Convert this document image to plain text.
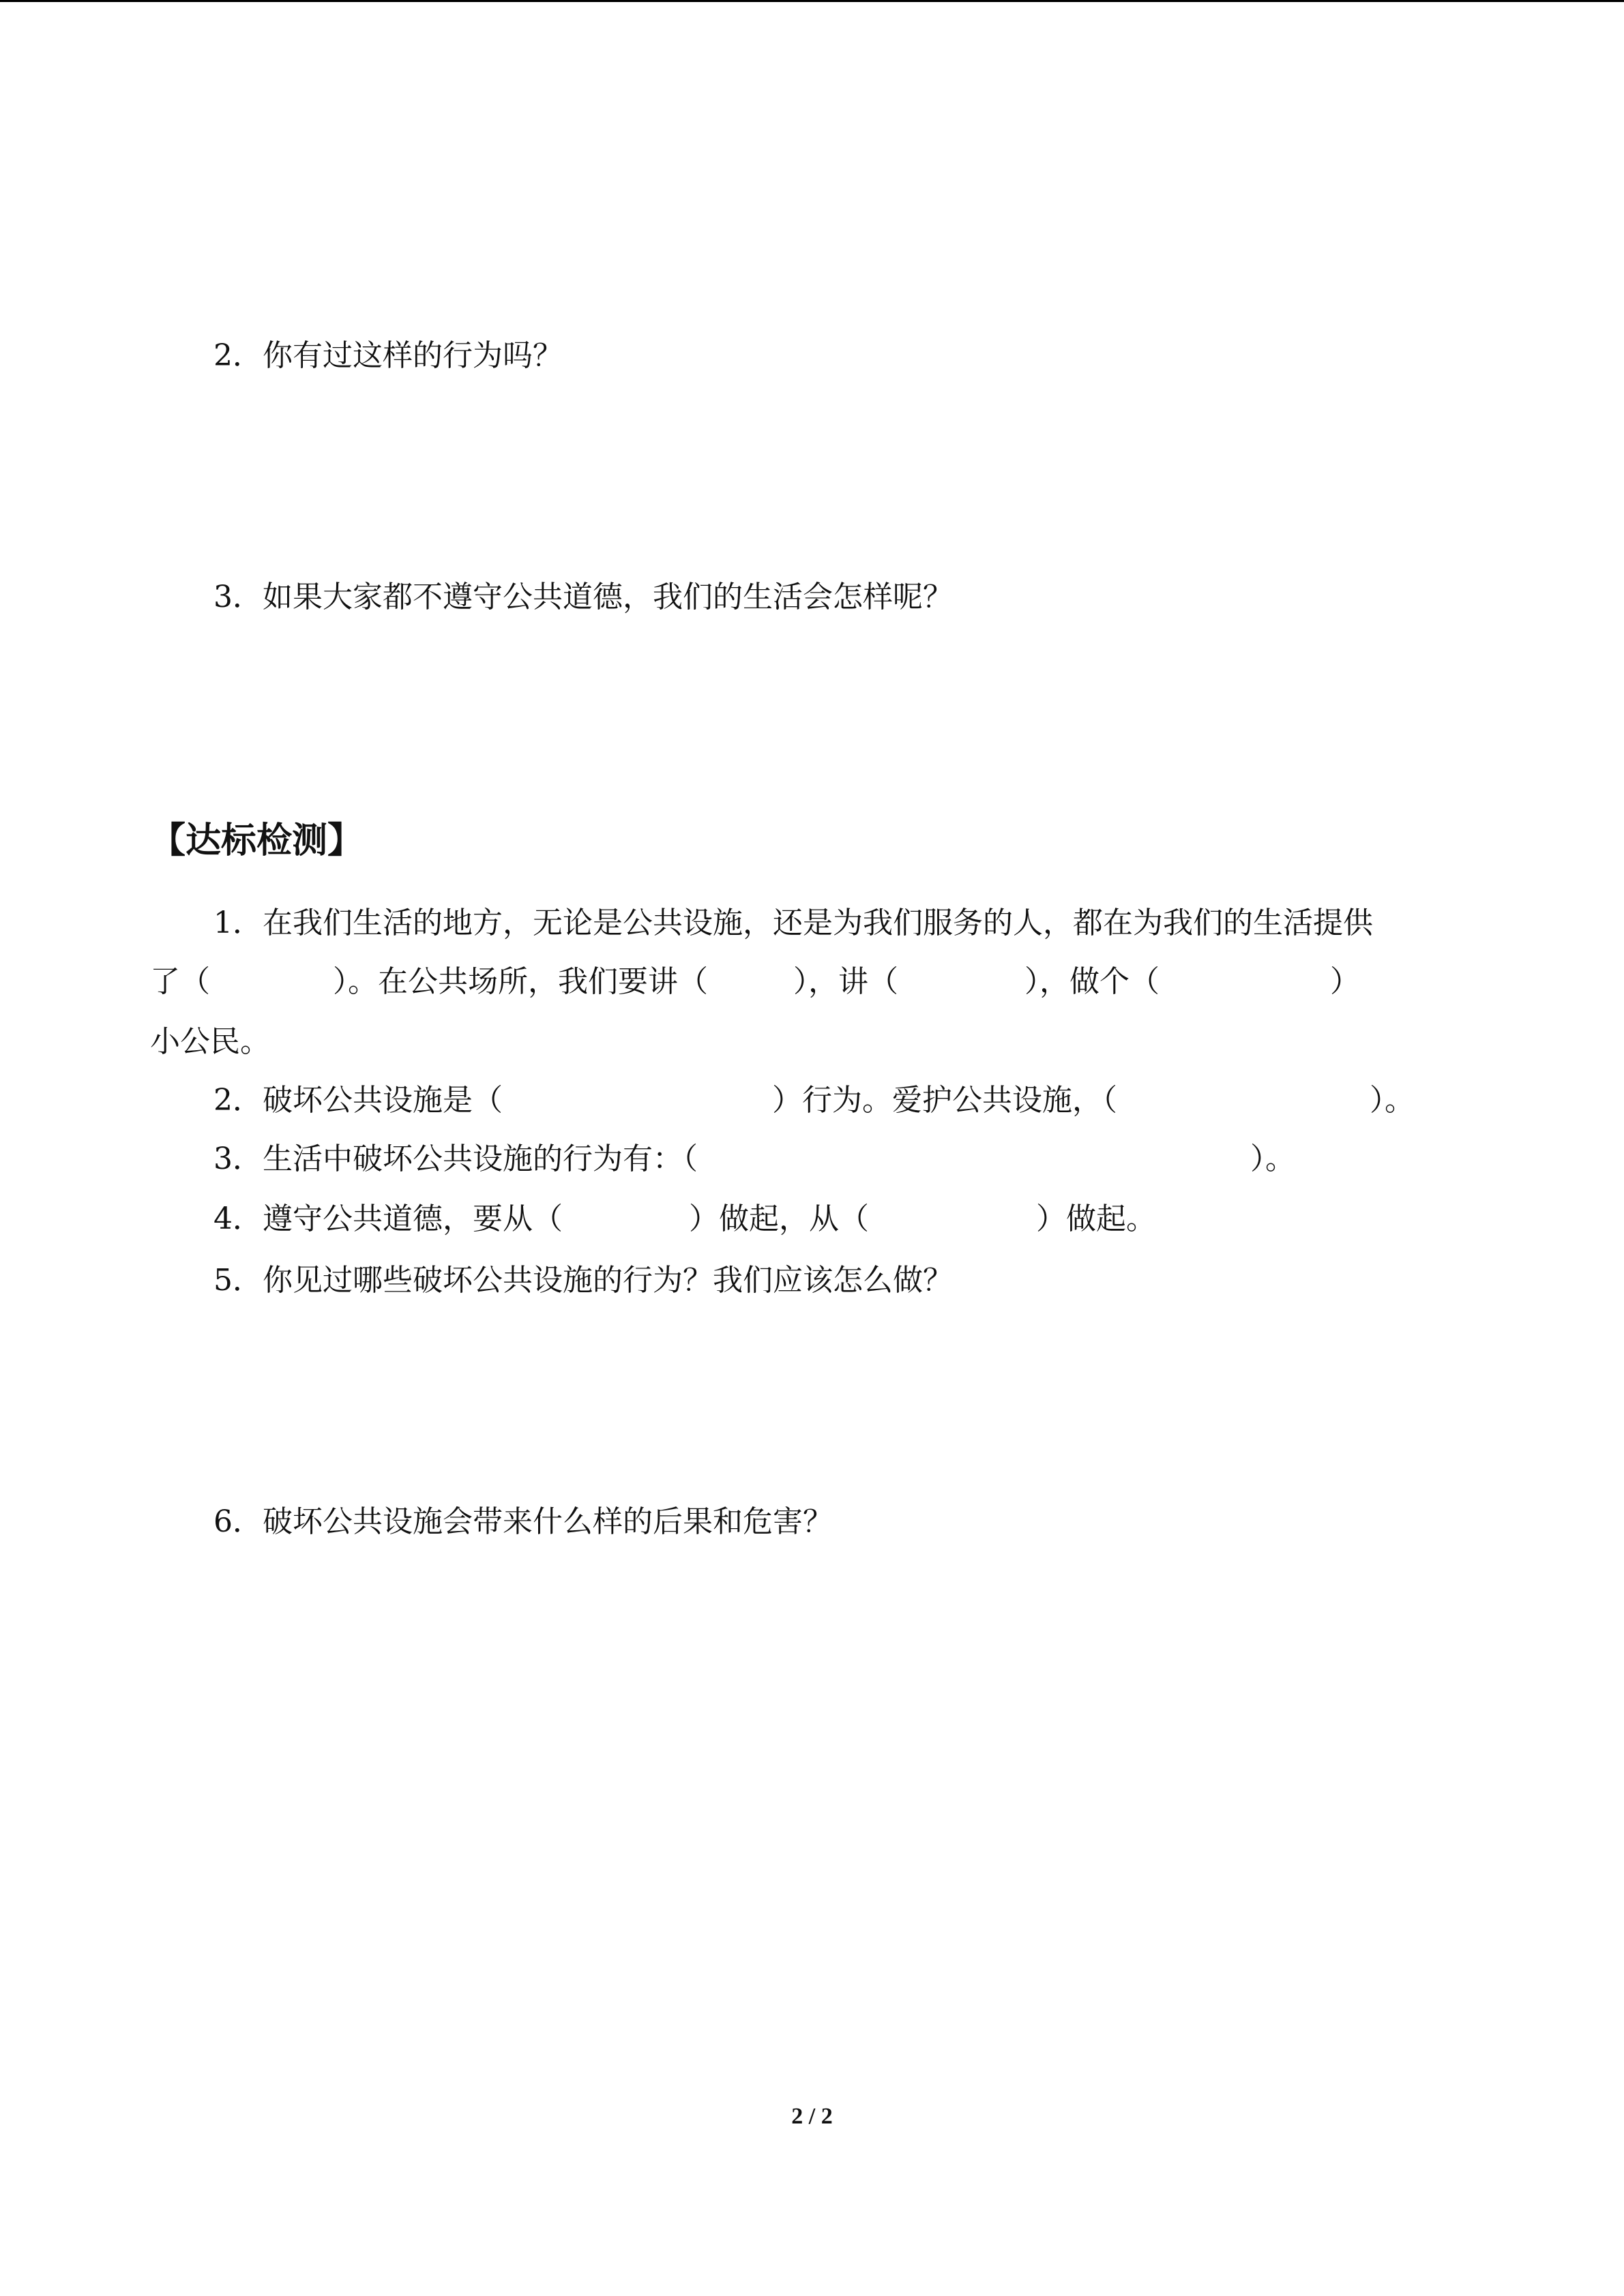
2．你有过这样的行为吗？

3．如果大家都不遵守公共道德，我们的生活会怎样呢？

【达标检测】

1．在我们生活的地方，无论是公共设施，还是为我们服务的人，都在为我们的生活提供

了（	）。在公共场所，我们要讲（	），讲（	），做个（	）

小公民。

2．破坏公共设施是（	）行为。爱护公共设施，（	）。

3．生活中破坏公共设施的行为有：（	）。

4．遵守公共道德，要从（	）做起，从（	）做起。

5．你见过哪些破坏公共设施的行为？我们应该怎么做？

6．破坏公共设施会带来什么样的后果和危害？

2 / 2
